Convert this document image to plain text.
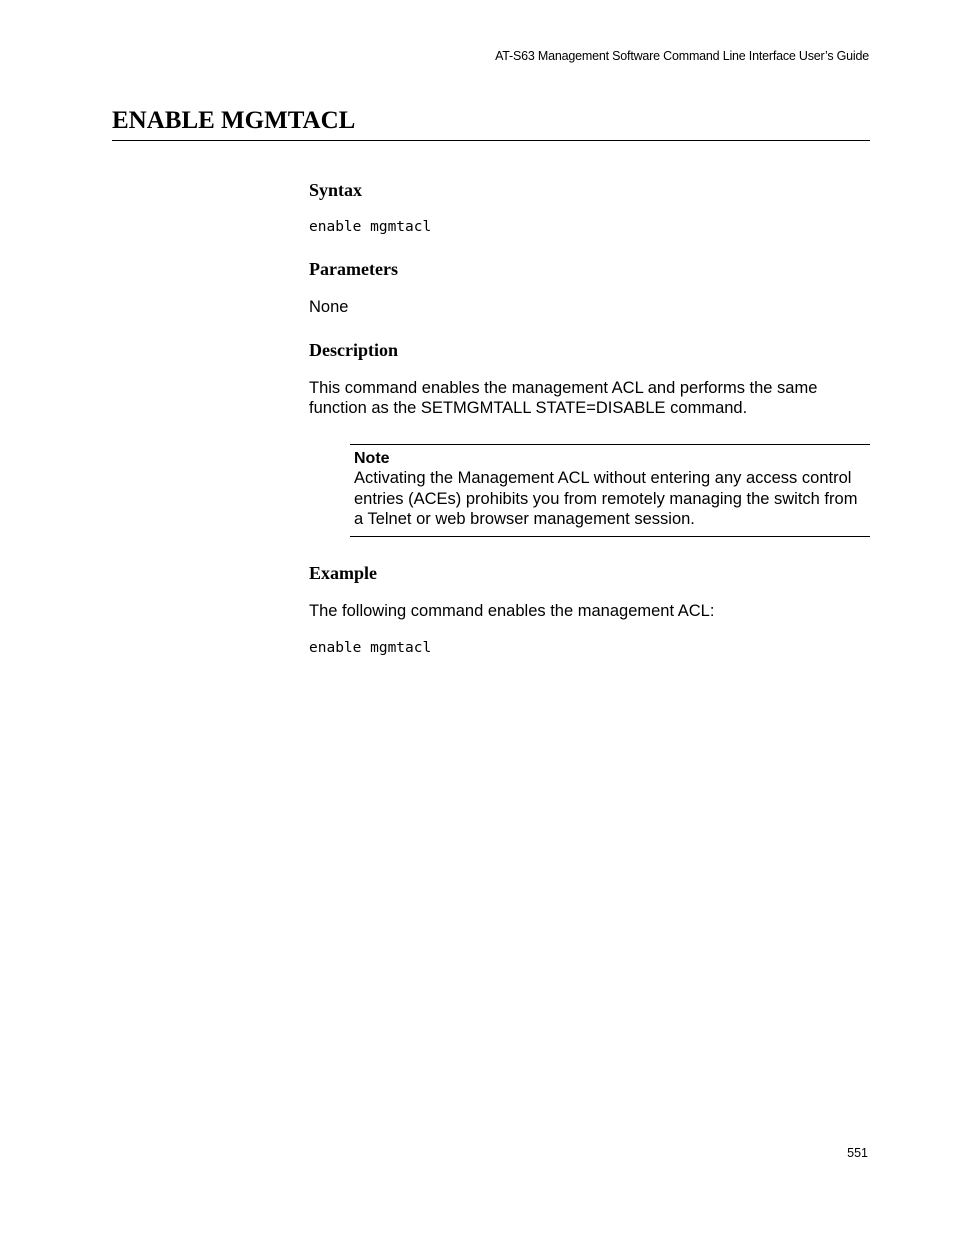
AT-S63 Management Software Command Line Interface User’s Guide
ENABLE MGMTACL
Syntax
enable mgmtacl
Parameters

None

Description

This command enables the management ACL and performs the same function as the SETMGMTALL STATE=DISABLE command.

Note

Activating the Management ACL without entering any access control entries (ACEs) prohibits you from remotely managing the switch from a Telnet or web browser management session.

Example

The following command enables the management ACL:

enable mgmtacl
551
